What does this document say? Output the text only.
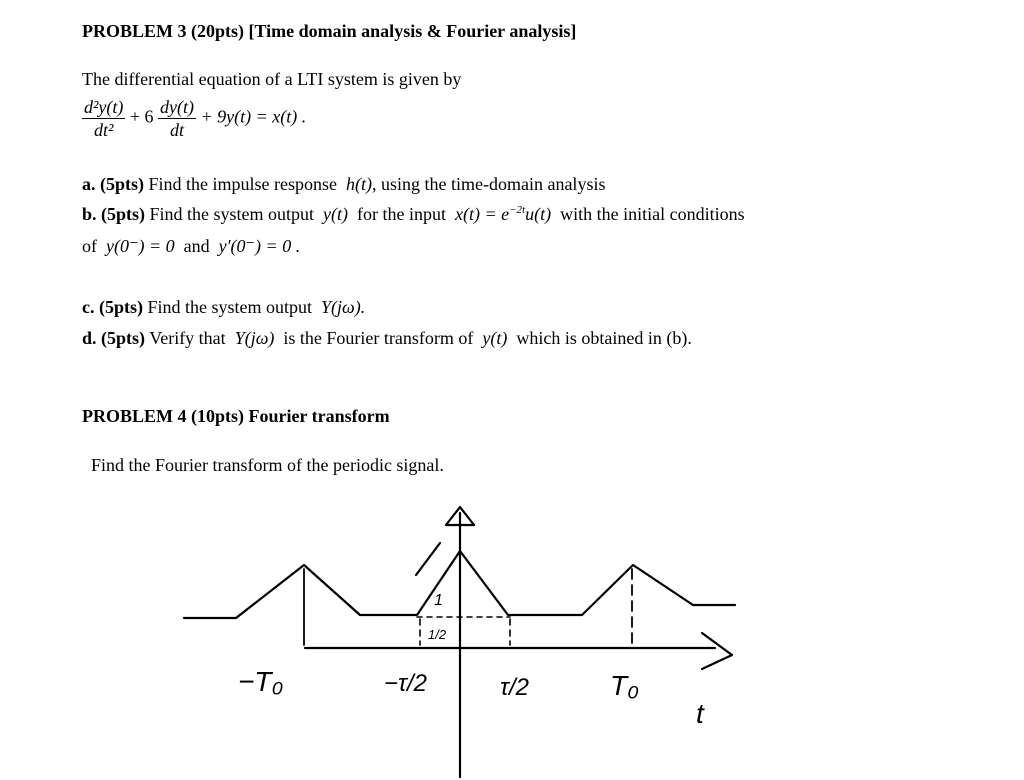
PROBLEM 3 (20pts) [Time domain analysis & Fourier analysis]
The differential equation of a LTI system is given by
$\frac{\text{d²y(t)}}{\text{dt²}} + 6 \frac{dy(t)}{dt} + 9y(t) = x(t)$ .
a. (5pts) Find the impulse response h(t), using the time-domain analysis
b. (5pts) Find the system output y(t) for the input $x(t) = e^{-2t}u(t)$ with the initial conditions
of y(0⁻) = 0 and y′(0⁻) = 0 .
c. (5pts) Find the system output Y(jω).
d. (5pts) Verify that Y(jω) is the Fourier transform of y(t) which is obtained in (b).
PROBLEM 4 (10pts) Fourier transform
Find the Fourier transform of the periodic signal.
1
1/2
−T₀	−τ/2	τ/2	T₀
t
